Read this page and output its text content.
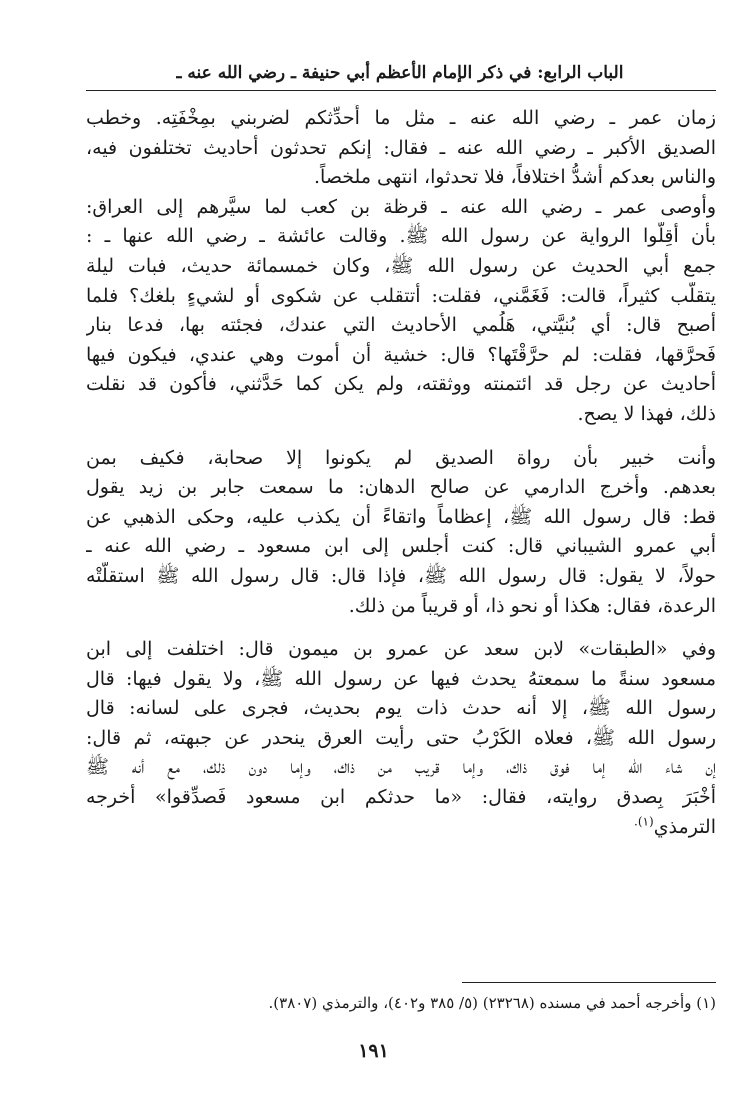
الباب الرابع: في ذكر الإمام الأعظم أبي حنيفة ـ رضي الله عنه ـ

زمان عمر ـ رضي الله عنه ـ مثل ما أُحدِّثكم لضربني بمِخْفَتِه. وخطب
الصديق الأكبر ـ رضي الله عنه ـ فقال: إنكم تحدثون أحاديث تختلفون فيه،
والناس بعدكم أشدُّ اختلافاً، فلا تحدثوا، انتهى ملخصاً.

وأوصى عمر ـ رضي الله عنه ـ قرظة بن كعب لما سيَّرهم إلى العراق:
بأن أقِلُّوا الرواية عن رسول الله ﷺ. وقالت عائشة ـ رضي الله عنها ـ :
جمع أبي الحديث عن رسول الله ﷺ، وكان خمسمائة حديث، فبات ليلة
يتقلَّب كثيراً، قالت: فَغَمَّني، فقلت: أتتقلب عن شكوى أو لشيءٍ بلغك؟ فلما
أصبح قال: أي بُنيَّتي، هَلُمي الأحاديث التي عندك، فجئته بها، فدعا بنار
فَحرَّقها، فقلت: لم حرَّقْتَها؟ قال: خشية أن أموت وهي عندي، فيكون فيها
أحاديث عن رجل قد ائتمنته ووثقته، ولم يكن كما حَدَّثني، فأكون قد نقلت
ذلك، فهذا لا يصح.

وأنت خبير بأن رواة الصديق لم يكونوا إلا صحابة، فكيف بمن
بعدهم. وأخرج الدارمي عن صالح الدهان: ما سمعت جابر بن زيد يقول
قط: قال رسول الله ﷺ، إعظاماً واتقاءً أن يكذب عليه، وحكى الذهبي عن
أبي عمرو الشيباني قال: كنت أجلس إلى ابن مسعود ـ رضي الله عنه ـ
حولاً، لا يقول: قال رسول الله ﷺ، فإذا قال: قال رسول الله ﷺ استقلَّتْه
الرعدة، فقال: هكذا أو نحو ذا، أو قريباً من ذلك.

وفي «الطبقات» لابن سعد عن عمرو بن ميمون قال: اختلفت إلى ابن
مسعود سنةً ما سمعتهُ يحدث فيها عن رسول الله ﷺ، ولا يقول فيها: قال
رسول الله ﷺ، إلا أنه حدث ذات يوم بحديث، فجرى على لسانه: قال
رسول الله ﷺ، فعلاه الكَرْبُ حتى رأيت العرق ينحدر عن جبهته، ثم قال:
إن شاء الله إما فوق ذاك، وإما قريب من ذاك، وإما دون ذلك، مع أنه ﷺ
أَخْبَرَ بِصدق روايته، فقال: «ما حدثكم ابن مسعود فَصدِّقوا» أخرجه
الترمذي$^{(١).}$

(١) وأخرجه أحمد في مسنده (٢٣٢٦٨) (٥/ ٣٨٥ و٤٠٢)، والترمذي (٣٨٠٧).
١٩١
